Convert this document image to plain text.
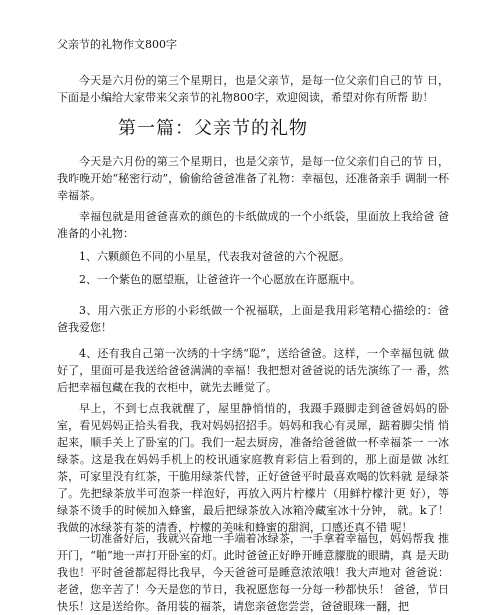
父亲节的礼物作文800字

今天是六月份的第三个星期日，也是父亲节，是每一位父亲们自己的节 日，下面是小编给大家带来父亲节的礼物800字，欢迎阅读，希望对你有所帮 助！

第一篇：父亲节的礼物

今天是六月份的第三个星期日，也是父亲节，是每一位父亲们自己的节 日，我昨晚开始“秘密行动”，偷偷给爸爸准备了礼物：幸福包，还准备亲手 调制一杯幸福茶。

幸福包就是用爸爸喜欢的颜色的卡纸做成的一个小纸袋，里面放上我给爸 爸准备的小礼物：

1、六颗颜色不同的小星星，代表我对爸爸的六个祝愿。

2、一个紫色的愿望瓶，让爸爸许一个心愿放在许愿瓶中。

3、用六张正方形的小彩纸做一个祝福联，上面是我用彩笔精心描绘的：爸 爸我爱您！

4、还有我自己第一次绣的十字绣“聪”，送给爸爸。这样，一个幸福包就 做好了，里面可是我送给爸爸满满的幸福！我把想对爸爸说的话先演练了一 番，然后把幸福包藏在我的衣柜中，就先去睡觉了。

早上，不到七点我就醒了，屋里静悄悄的，我蹑手蹑脚走到爸爸妈妈的卧 室，看见妈妈正拾头看我，我对妈妈招招手。妈妈和我心有灵犀，踮着脚尖悄 悄起来，顺手关上了卧室的门。我们一起去厨房，准备给爸爸做一杯幸福茶一 一冰绿茶。这是我在妈妈手机上的校讯通家庭教育彩信上看到的，那上面是做 冰红茶，可家里没有红茶，干脆用绿茶代替，正好爸爸平时最喜欢喝的饮料就 是绿茶了。先把绿茶放半可泡茶一样泡好，再放入两片柠檬片（用鲜柠檬汁更 好），等绿茶不烫手的时候加入蜂蜜，最后把绿茶放入冰箱冷藏室冰十分钟， 就。k了！我做的冰绿茶有茶的清香，柠檬的美味和蜂蜜的甜润，口感还真不错 呢！

一切准备好后，我就兴奋地一手端着冰绿茶，一手拿着幸福包，妈妈帮我 推开门，“啪”地一声打开卧室的灯。此时爸爸正好睁开睡意朦胧的眼睛，真 是天助我也！平时爸爸都起得比我早，今天爸爸可是睡意浓浓哦！我大声地对 爸爸说：老爸，您辛苦了！今天是您的节日，我祝愿您每一分每一秒都快乐！ 爸爸，节日快乐！这是送给你。备用装的福茶，请您亲爸您尝尝，爸爸眼珠一翻，把
